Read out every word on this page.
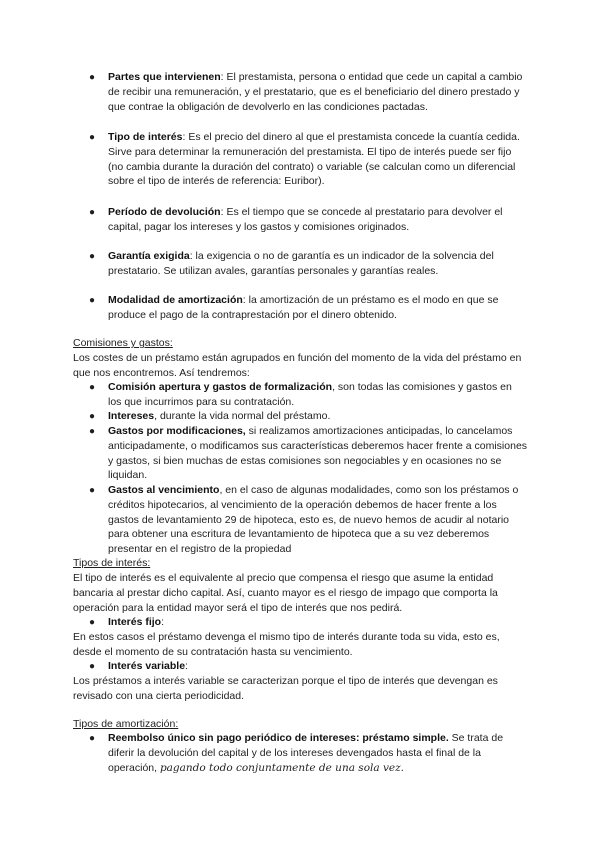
● Partes que intervienen: El prestamista, persona o entidad que cede un capital a cambio de recibir una remuneración, y el prestatario, que es el beneficiario del dinero prestado y que contrae la obligación de devolverlo en las condiciones pactadas.

● Tipo de interés: Es el precio del dinero al que el prestamista concede la cuantía cedida. Sirve para determinar la remuneración del prestamista. El tipo de interés puede ser fijo (no cambia durante la duración del contrato) o variable (se calculan como un diferencial sobre el tipo de interés de referencia: Euribor).

● Período de devolución: Es el tiempo que se concede al prestatario para devolver el capital, pagar los intereses y los gastos y comisiones originados.

● Garantía exigida: la exigencia o no de garantía es un indicador de la solvencia del prestatario. Se utilizan avales, garantías personales y garantías reales.

● Modalidad de amortización: la amortización de un préstamo es el modo en que se produce el pago de la contraprestación por el dinero obtenido.

Comisiones y gastos:

Los costes de un préstamo están agrupados en función del momento de la vida del préstamo en que nos encontremos. Así tendremos:

● Comisión apertura y gastos de formalización, son todas las comisiones y gastos en los que incurrimos para su contratación.

● Intereses, durante la vida normal del préstamo.

● Gastos por modificaciones, si realizamos amortizaciones anticipadas, lo cancelamos anticipadamente, o modificamos sus características deberemos hacer frente a comisiones y gastos, si bien muchas de estas comisiones son negociables y en ocasiones no se liquidan.

● Gastos al vencimiento, en el caso de algunas modalidades, como son los préstamos o créditos hipotecarios, al vencimiento de la operación debemos de hacer frente a los gastos de levantamiento 29 de hipoteca, esto es, de nuevo hemos de acudir al notario para obtener una escritura de levantamiento de hipoteca que a su vez deberemos presentar en el registro de la propiedad

Tipos de interés:

El tipo de interés es el equivalente al precio que compensa el riesgo que asume la entidad bancaria al prestar dicho capital. Así, cuanto mayor es el riesgo de impago que comporta la operación para la entidad mayor será el tipo de interés que nos pedirá.

● Interés fijo:

En estos casos el préstamo devenga el mismo tipo de interés durante toda su vida, esto es, desde el momento de su contratación hasta su vencimiento.

● Interés variable:

Los préstamos a interés variable se caracterizan porque el tipo de interés que devengan es revisado con una cierta periodicidad.

Tipos de amortización:

● Reembolso único sin pago periódico de intereses: préstamo simple. Se trata de diferir la devolución del capital y de los intereses devengados hasta el final de la operación, pagando todo conjuntamente de una sola vez.
